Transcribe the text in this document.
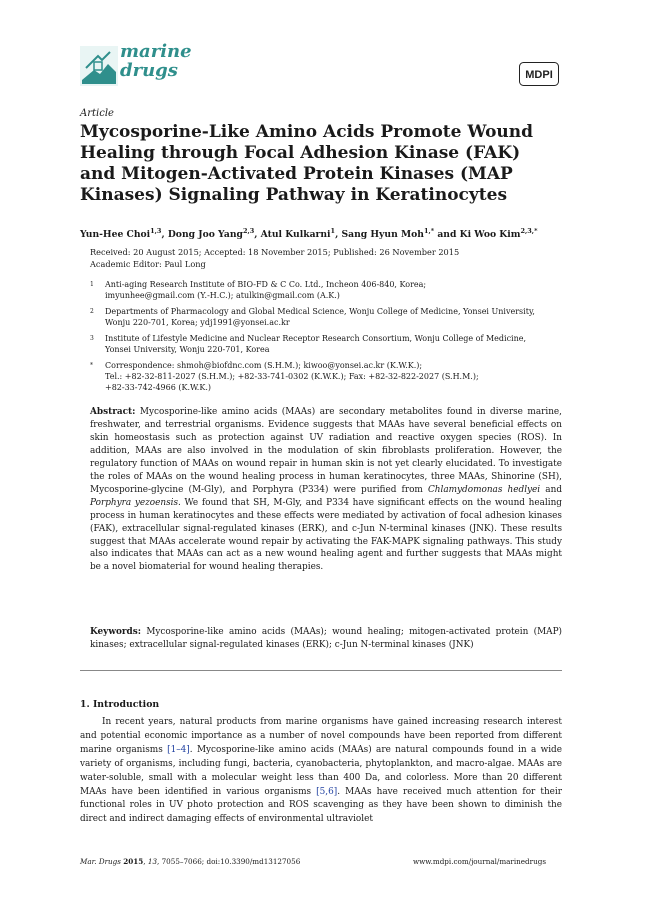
marine
drugs	MDPI
Article
Mycosporine-Like Amino Acids Promote Wound Healing through Focal Adhesion Kinase (FAK) and Mitogen-Activated Protein Kinases (MAP Kinases) Signaling Pathway in Keratinocytes
Yun-Hee Choi$^{1,3}$, Dong Joo Yang$^{2,3}$, Atul Kulkarni$^1$, Sang Hyun Moh$^{1,*}$ and Ki Woo Kim$^{2,3,*}$
Received: 20 August 2015; Accepted: 18 November 2015; Published: 26 November 2015
Academic Editor: Paul Long
1 Anti-aging Research Institute of BIO-FD & C Co. Ltd., Incheon 406-840, Korea;
imyunhee@gmail.com (Y.-H.C.); atulkin@gmail.com (A.K.)
2 Departments of Pharmacology and Global Medical Science, Wonju College of Medicine, Yonsei University,
Wonju 220-701, Korea; ydj1991@yonsei.ac.kr
3 Institute of Lifestyle Medicine and Nuclear Receptor Research Consortium, Wonju College of Medicine,
Yonsei University, Wonju 220-701, Korea
* Correspondence: shmoh@biofdnc.com (S.H.M.); kiwoo@yonsei.ac.kr (K.W.K.);
Tel.: +82-32-811-2027 (S.H.M.); +82-33-741-0302 (K.W.K.); Fax: +82-32-822-2027 (S.H.M.);
+82-33-742-4966 (K.W.K.)

Abstract: Mycosporine-like amino acids (MAAs) are secondary metabolites found in diverse marine, freshwater, and terrestrial organisms. Evidence suggests that MAAs have several beneficial effects on skin homeostasis such as protection against UV radiation and reactive oxygen species (ROS). In addition, MAAs are also involved in the modulation of skin fibroblasts proliferation. However, the regulatory function of MAAs on wound repair in human skin is not yet clearly elucidated. To investigate the roles of MAAs on the wound healing process in human keratinocytes, three MAAs, Shinorine (SH), Mycosporine-glycine (M-Gly), and Porphyra (P334) were purified from Chlamydomonas hedlyei and Porphyra yezoensis. We found that SH, M-Gly, and P334 have significant effects on the wound healing process in human keratinocytes and these effects were mediated by activation of focal adhesion kinases (FAK), extracellular signal-regulated kinases (ERK), and c-Jun N-terminal kinases (JNK). These results suggest that MAAs accelerate wound repair by activating the FAK-MAPK signaling pathways. This study also indicates that MAAs can act as a new wound healing agent and further suggests that MAAs might be a novel biomaterial for wound healing therapies.

Keywords: Mycosporine-like amino acids (MAAs); wound healing; mitogen-activated protein (MAP) kinases; extracellular signal-regulated kinases (ERK); c-Jun N-terminal kinases (JNK)

1. Introduction

In recent years, natural products from marine organisms have gained increasing research interest and potential economic importance as a number of novel compounds have been reported from different marine organisms [1–4]. Mycosporine-like amino acids (MAAs) are natural compounds found in a wide variety of organisms, including fungi, bacteria, cyanobacteria, phytoplankton, and macro-algae. MAAs are water-soluble, small with a molecular weight less than 400 Da, and colorless. More than 20 different MAAs have been identified in various organisms [5,6]. MAAs have received much attention for their functional roles in UV photo protection and ROS scavenging as they have been shown to diminish the direct and indirect damaging effects of environmental ultraviolet

Mar. Drugs 2015, 13, 7055–7066; doi:10.3390/md13127056	www.mdpi.com/journal/marinedrugs
